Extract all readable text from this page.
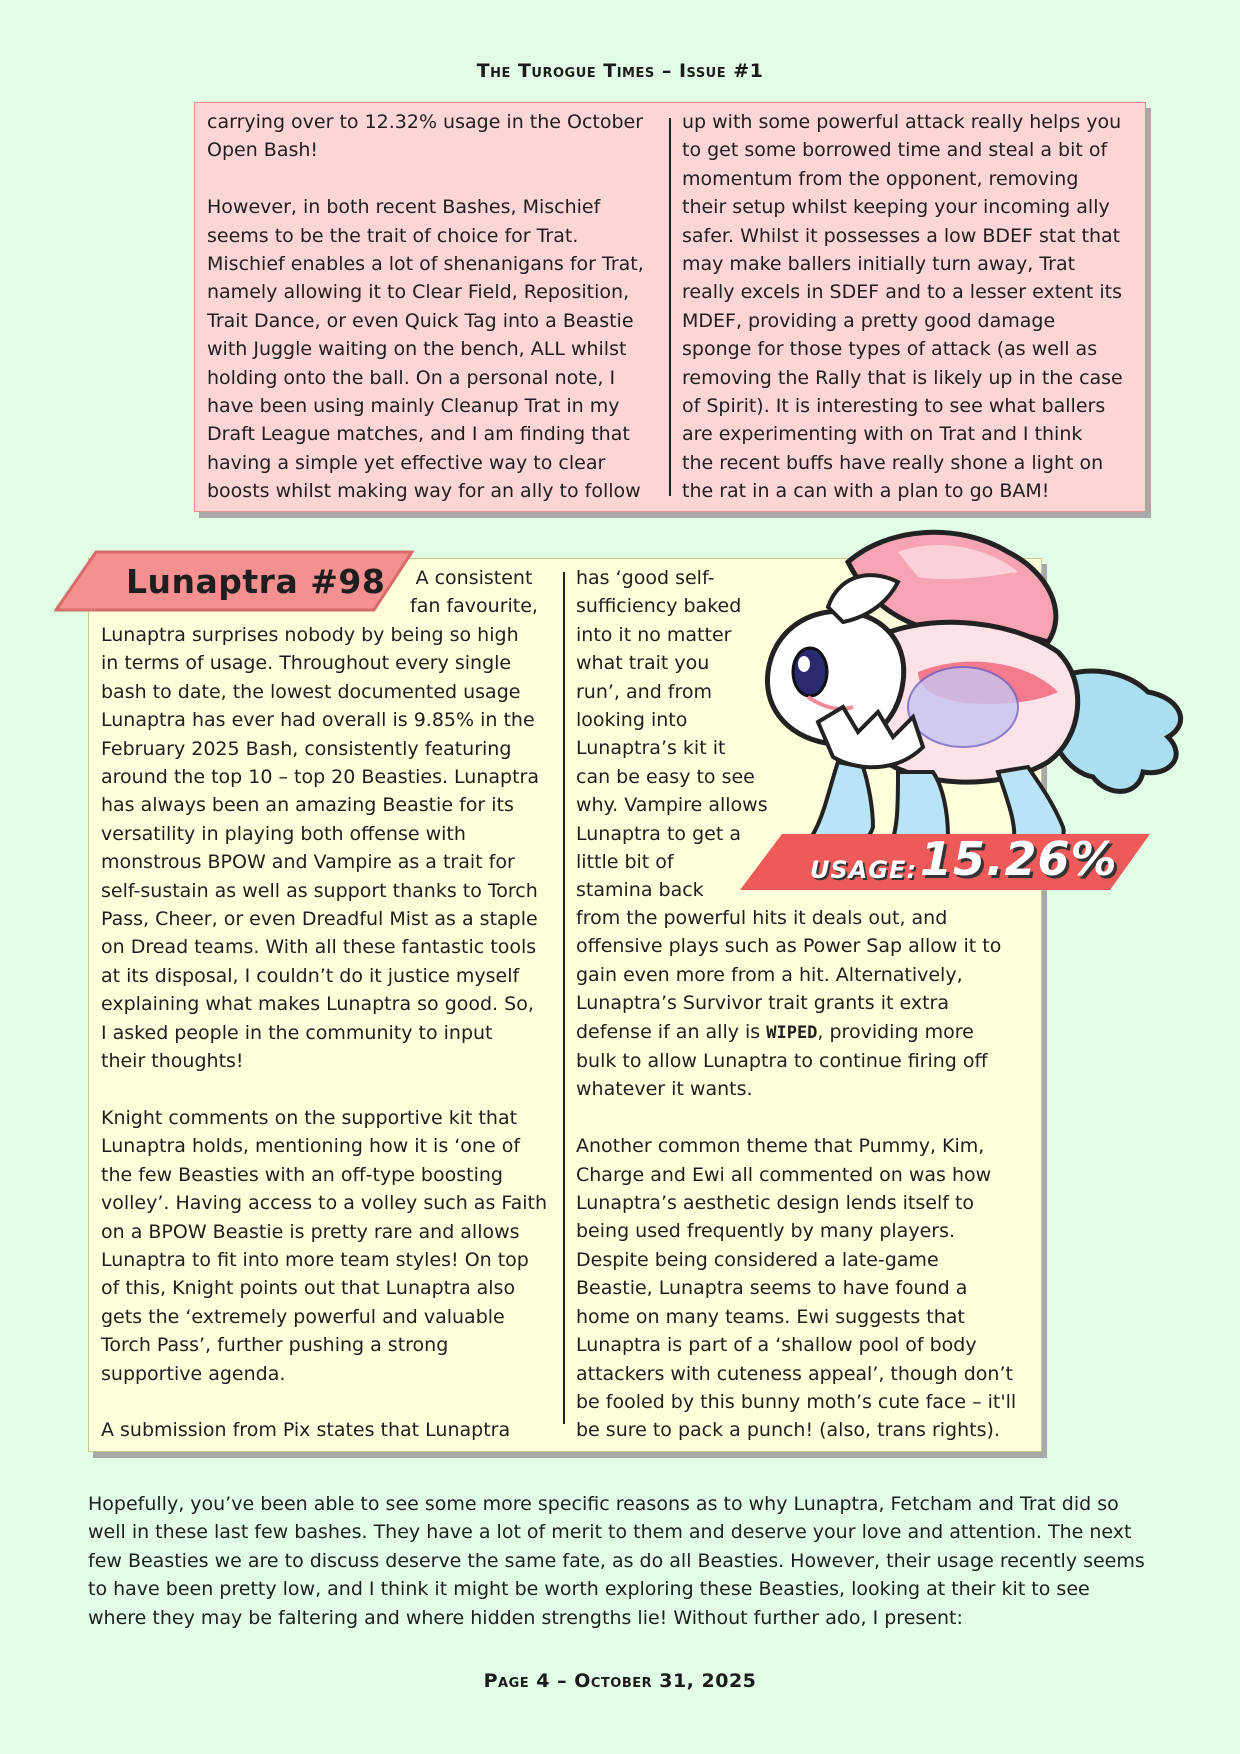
The Turogue Times – Issue #1
carrying over to 12.32% usage in the October
Open Bash!

However, in both recent Bashes, Mischief
seems to be the trait of choice for Trat.
Mischief enables a lot of shenanigans for Trat,
namely allowing it to Clear Field, Reposition,
Trait Dance, or even Quick Tag into a Beastie
with Juggle waiting on the bench, ALL whilst
holding onto the ball. On a personal note, I
have been using mainly Cleanup Trat in my
Draft League matches, and I am finding that
having a simple yet effective way to clear
boosts whilst making way for an ally to follow
up with some powerful attack really helps you
to get some borrowed time and steal a bit of
momentum from the opponent, removing
their setup whilst keeping your incoming ally
safer. Whilst it possesses a low BDEF stat that
may make ballers initially turn away, Trat
really excels in SDEF and to a lesser extent its
MDEF, providing a pretty good damage
sponge for those types of attack (as well as
removing the Rally that is likely up in the case
of Spirit). It is interesting to see what ballers
are experimenting with on Trat and I think
the recent buffs have really shone a light on
the rat in a can with a plan to go BAM!
Lunaptra #98	A consistent
fan favourite,
Lunaptra surprises nobody by being so high
in terms of usage. Throughout every single
bash to date, the lowest documented usage
Lunaptra has ever had overall is 9.85% in the
February 2025 Bash, consistently featuring
around the top 10 – top 20 Beasties. Lunaptra
has always been an amazing Beastie for its
versatility in playing both offense with
monstrous BPOW and Vampire as a trait for
self-sustain as well as support thanks to Torch
Pass, Cheer, or even Dreadful Mist as a staple
on Dread teams. With all these fantastic tools
at its disposal, I couldn’t do it justice myself
explaining what makes Lunaptra so good. So,
I asked people in the community to input
their thoughts!

Knight comments on the supportive kit that
Lunaptra holds, mentioning how it is ‘one of
the few Beasties with an off-type boosting
volley’. Having access to a volley such as Faith
on a BPOW Beastie is pretty rare and allows
Lunaptra to fit into more team styles! On top
of this, Knight points out that Lunaptra also
gets the ‘extremely powerful and valuable
Torch Pass’, further pushing a strong
supportive agenda.

A submission from Pix states that Lunaptra
has ‘good self-
sufficiency baked
into it no matter
what trait you
run’, and from
looking into
Lunaptra’s kit it
can be easy to see
why. Vampire allows
Lunaptra to get a
little bit of
stamina back
from the powerful hits it deals out, and
offensive plays such as Power Sap allow it to
gain even more from a hit. Alternatively,
Lunaptra’s Survivor trait grants it extra
defense if an ally is WIPED, providing more
bulk to allow Lunaptra to continue firing off
whatever it wants.

Another common theme that Pummy, Kim,
Charge and Ewi all commented on was how
Lunaptra’s aesthetic design lends itself to
being used frequently by many players.
Despite being considered a late-game
Beastie, Lunaptra seems to have found a
home on many teams. Ewi suggests that
Lunaptra is part of a ‘shallow pool of body
attackers with cuteness appeal’, though don’t
be fooled by this bunny moth’s cute face – it'll
be sure to pack a punch! (also, trans rights).
USAGE: 15.26%
Hopefully, you’ve been able to see some more specific reasons as to why Lunaptra, Fetcham and Trat did so well in these last few bashes. They have a lot of merit to them and deserve your love and attention. The next few Beasties we are to discuss deserve the same fate, as do all Beasties. However, their usage recently seems to have been pretty low, and I think it might be worth exploring these Beasties, looking at their kit to see where they may be faltering and where hidden strengths lie! Without further ado, I present:
Page 4 – October 31, 2025
